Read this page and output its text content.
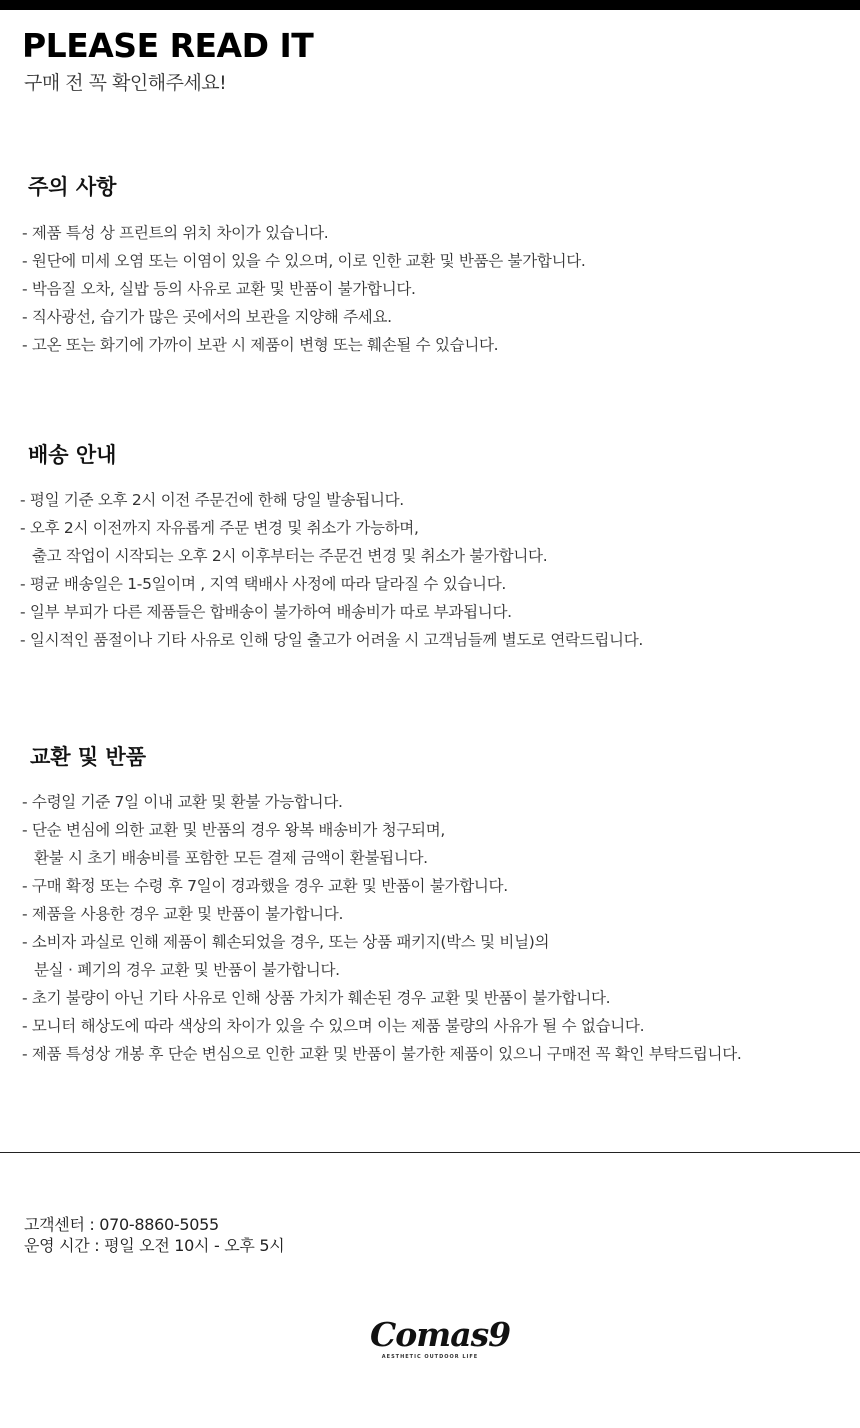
PLEASE READ IT
구매 전 꼭 확인해주세요!
주의 사항
- 제품 특성 상 프린트의 위치 차이가 있습니다.
- 원단에 미세 오염 또는 이염이 있을 수 있으며, 이로 인한 교환 및 반품은 불가합니다.
- 박음질 오차, 실밥 등의 사유로 교환 및 반품이 불가합니다.
- 직사광선, 습기가 많은 곳에서의 보관을 지양해 주세요.
- 고온 또는 화기에 가까이 보관 시 제품이 변형 또는 훼손될 수 있습니다.
배송 안내
- 평일 기준 오후 2시 이전 주문건에 한해 당일 발송됩니다.
- 오후 2시 이전까지 자유롭게 주문 변경 및 취소가 가능하며,
출고 작업이 시작되는 오후 2시 이후부터는 주문건 변경 및 취소가 불가합니다.
- 평균 배송일은 1-5일이며 , 지역 택배사 사정에 따라 달라질 수 있습니다.
- 일부 부피가 다른 제품들은 합배송이 불가하여 배송비가 따로 부과됩니다.
- 일시적인 품절이나 기타 사유로 인해 당일 출고가 어려울 시 고객님들께 별도로 연락드립니다.
교환 및 반품
- 수령일 기준 7일 이내 교환 및 환불 가능합니다.
- 단순 변심에 의한 교환 및 반품의 경우 왕복 배송비가 청구되며,
환불 시 초기 배송비를 포함한 모든 결제 금액이 환불됩니다.
- 구매 확정 또는 수령 후 7일이 경과했을 경우 교환 및 반품이 불가합니다.
- 제품을 사용한 경우 교환 및 반품이 불가합니다.
- 소비자 과실로 인해 제품이 훼손되었을 경우, 또는 상품 패키지(박스 및 비닐)의
분실 · 폐기의 경우 교환 및 반품이 불가합니다.
- 초기 불량이 아닌 기타 사유로 인해 상품 가치가 훼손된 경우 교환 및 반품이 불가합니다.
- 모니터 해상도에 따라 색상의 차이가 있을 수 있으며 이는 제품 불량의 사유가 될 수 없습니다.
- 제품 특성상 개봉 후 단순 변심으로 인한 교환 및 반품이 불가한 제품이 있으니 구매전 꼭 확인 부탁드립니다.
고객센터 : 070-8860-5055
운영 시간 : 평일 오전 10시 - 오후 5시
Comas9
AESTHETIC OUTDOOR LIFE
